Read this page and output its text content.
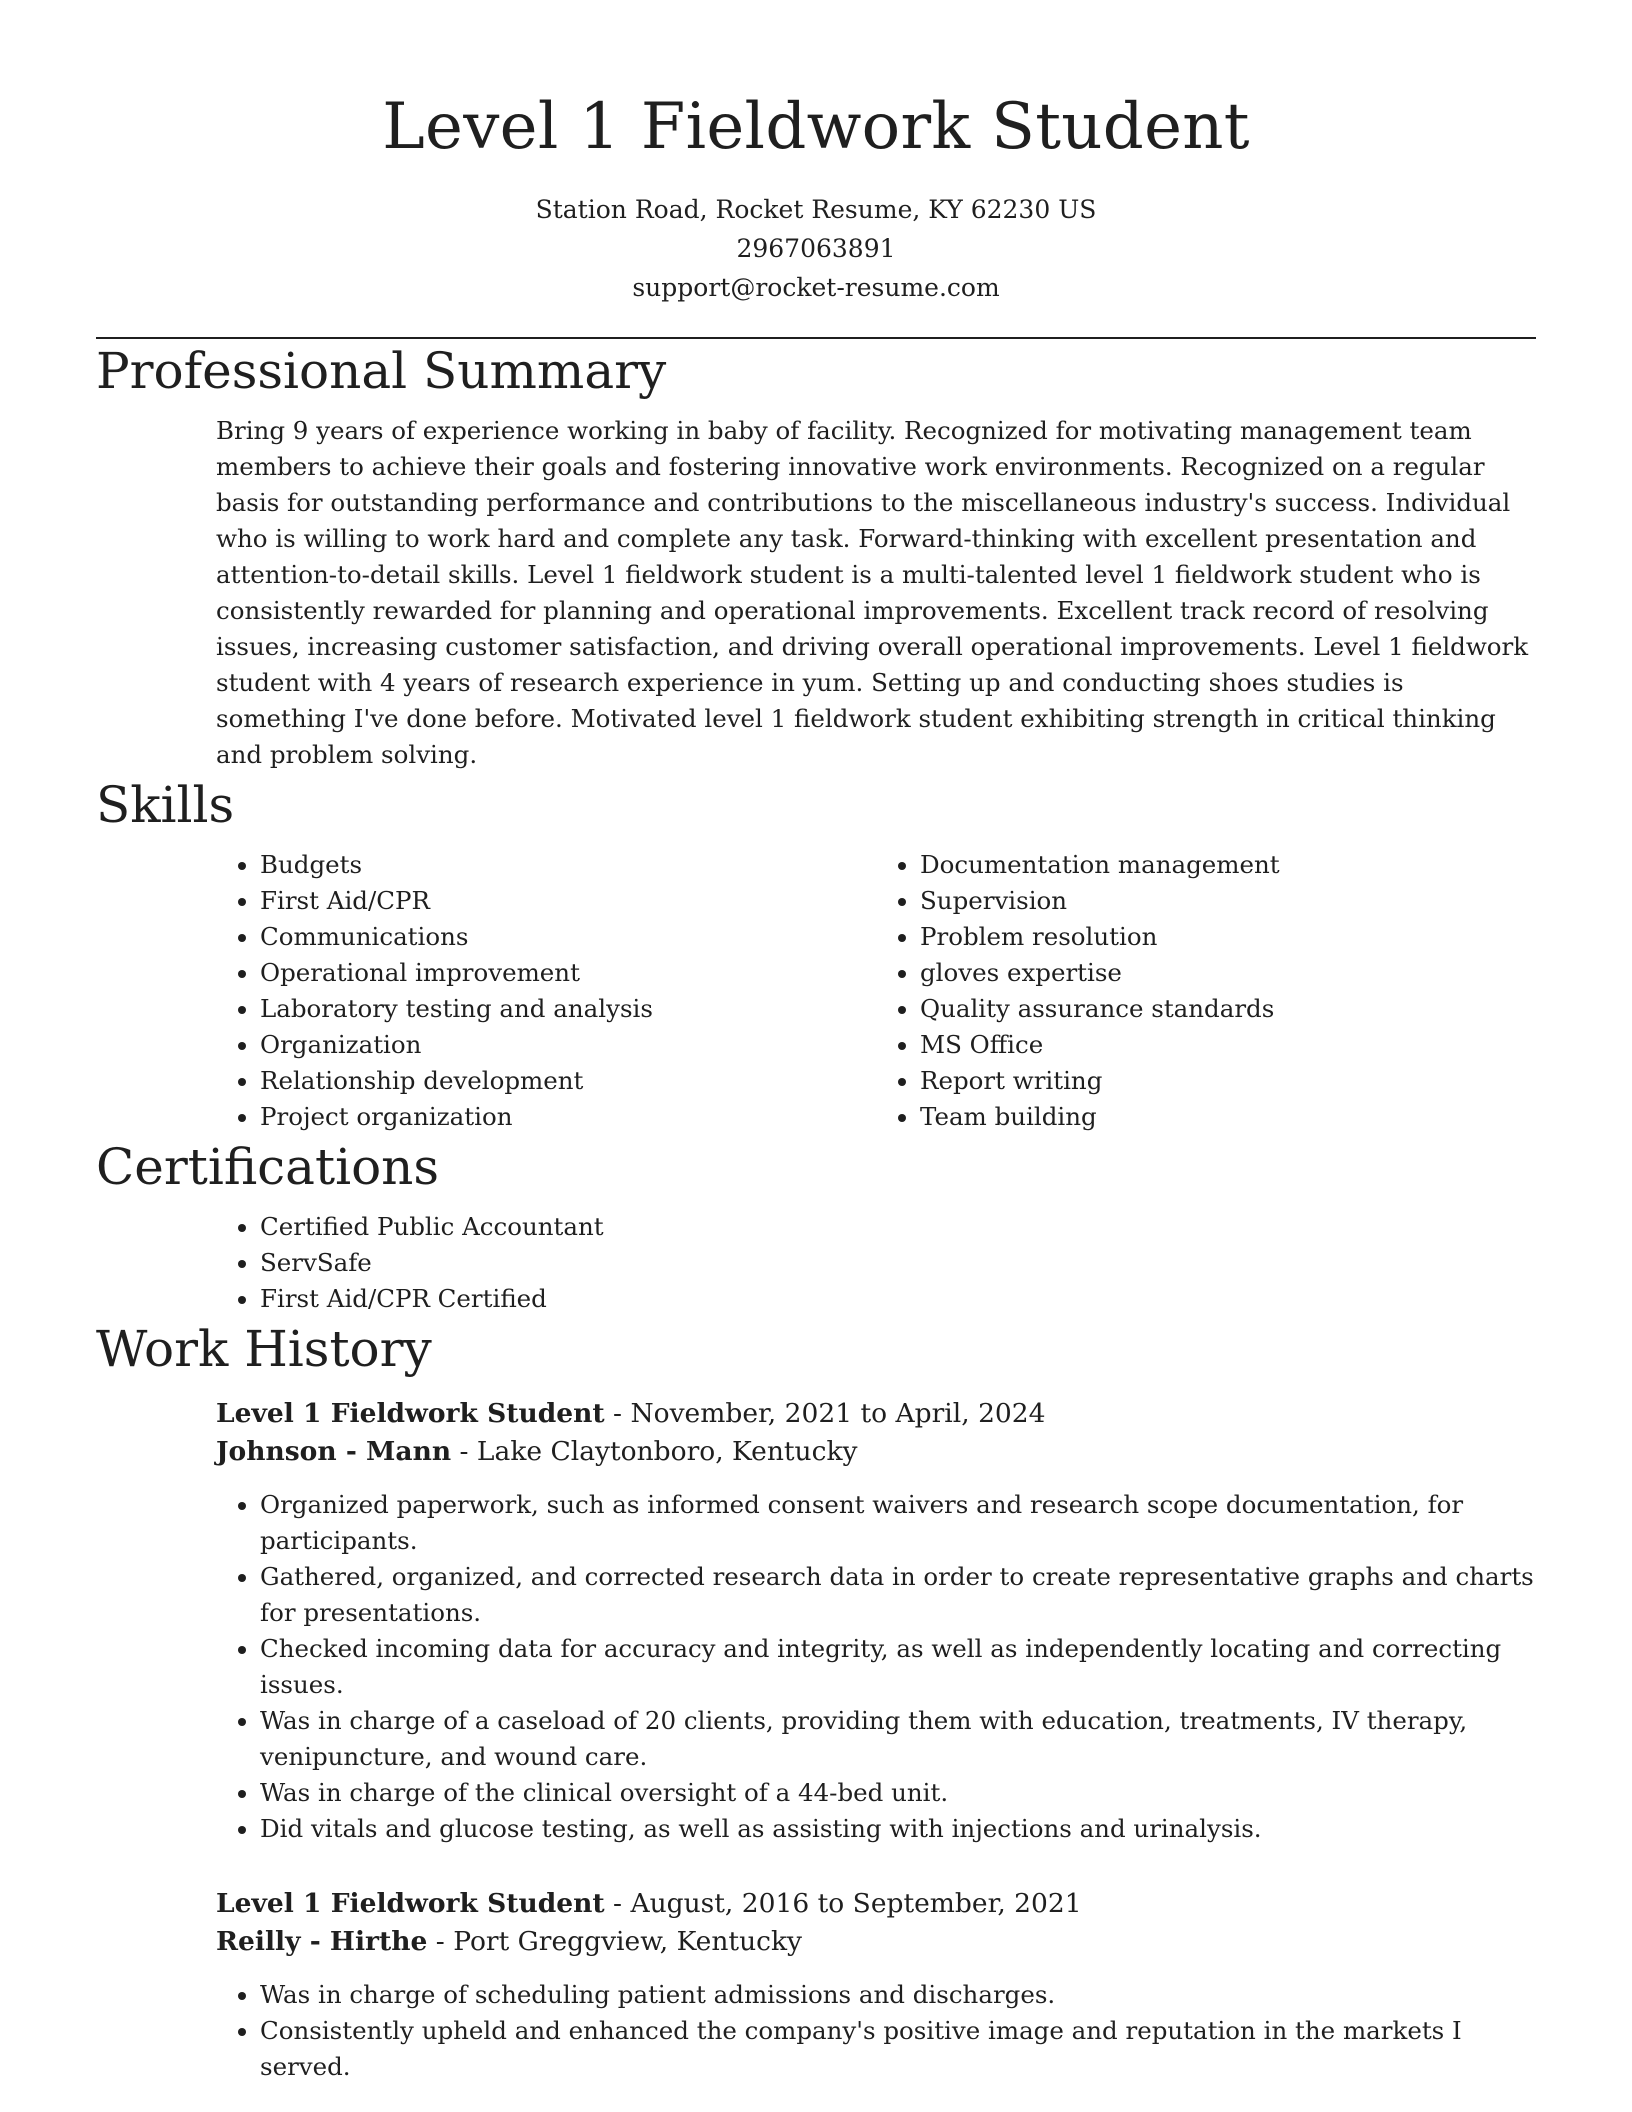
Level 1 Fieldwork Student
Station Road, Rocket Resume, KY 62230 US
2967063891
support@rocket-resume.com
Professional Summary

Bring 9 years of experience working in baby of facility. Recognized for motivating management team members to achieve their goals and fostering innovative work environments. Recognized on a regular basis for outstanding performance and contributions to the miscellaneous industry's success. Individual who is willing to work hard and complete any task. Forward-thinking with excellent presentation and attention-to-detail skills. Level 1 fieldwork student is a multi-talented level 1 fieldwork student who is consistently rewarded for planning and operational improvements. Excellent track record of resolving issues, increasing customer satisfaction, and driving overall operational improvements. Level 1 fieldwork student with 4 years of research experience in yum. Setting up and conducting shoes studies is something I've done before. Motivated level 1 fieldwork student exhibiting strength in critical thinking and problem solving.

Skills
• Budgets
• First Aid/CPR
• Communications
• Operational improvement
• Laboratory testing and analysis
• Organization
• Relationship development
• Project organization
• Documentation management
• Supervision
• Problem resolution
• gloves expertise
• Quality assurance standards
• MS Office
• Report writing
• Team building
Certifications
• Certified Public Accountant
• ServSafe
• First Aid/CPR Certified
Work History
Level 1 Fieldwork Student - November, 2021 to April, 2024
Johnson - Mann - Lake Claytonboro, Kentucky
• Organized paperwork, such as informed consent waivers and research scope documentation, for participants.
• Gathered, organized, and corrected research data in order to create representative graphs and charts for presentations.
• Checked incoming data for accuracy and integrity, as well as independently locating and correcting issues.
• Was in charge of a caseload of 20 clients, providing them with education, treatments, IV therapy, venipuncture, and wound care.
• Was in charge of the clinical oversight of a 44-bed unit.
• Did vitals and glucose testing, as well as assisting with injections and urinalysis.
Level 1 Fieldwork Student - August, 2016 to September, 2021
Reilly - Hirthe - Port Greggview, Kentucky
• Was in charge of scheduling patient admissions and discharges.
• Consistently upheld and enhanced the company's positive image and reputation in the markets I served.
